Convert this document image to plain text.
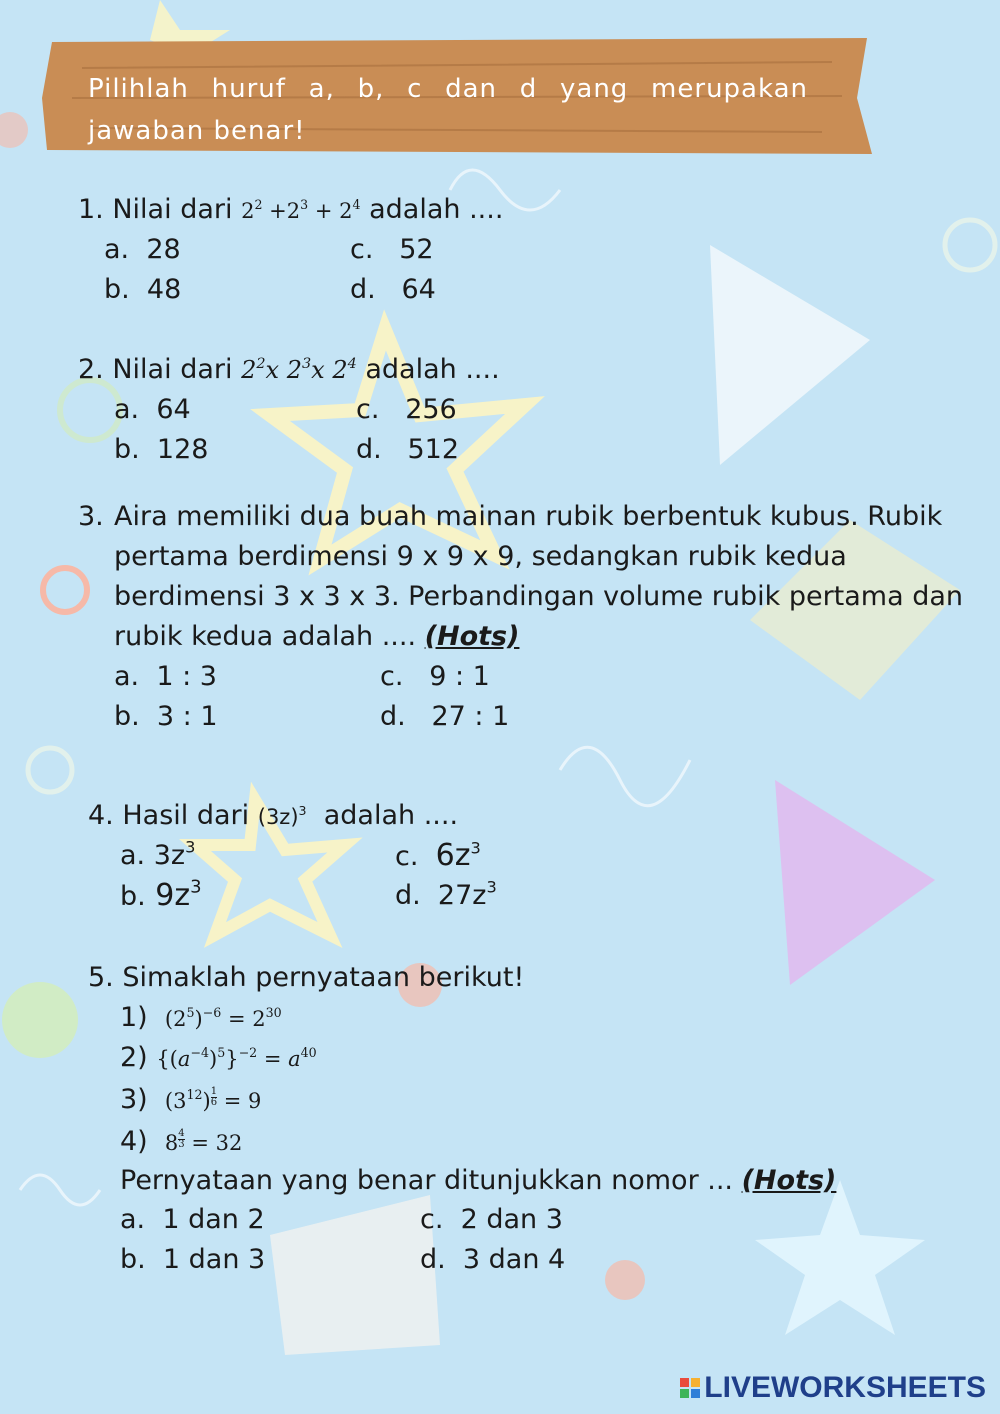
Pilihlah huruf a, b, c dan d yang merupakan jawaban benar!
1. Nilai dari $2^2 +2^3 + 2^4$ adalah ....
a. 28
b. 48
c. 52
d. 64
2. Nilai dari $2^2x$ $2^3x$ $2^4$ adalah ....
a. 64
b. 128
c. 256
d. 512
3. Aira memiliki dua buah mainan rubik berbentuk kubus. Rubik
pertama berdimensi 9 x 9 x 9, sedangkan rubik kedua
berdimensi 3 x 3 x 3. Perbandingan volume rubik pertama dan
rubik kedua adalah .... (Hots)
a. 1 : 3
b. 3 : 1
c. 9 : 1
d. 27 : 1
4. Hasil dari $(3z)^3$ adalah ....
a. $3z^3$
b. $9z^3$
c. $6z^3$
d. $27z^3$
5. Simaklah pernyataan berikut!
1) $(2^5)^{-6} = 2^{30}$
2) $\{(a^{-4})^5\}^{-2} = a^{40}$
3) $(3^{12}) \frac{1}{6} = 9$
4) $8 \frac{4}{3} = 32$
Pernyataan yang benar ditunjukkan nomor ... (Hots)
a. 1 dan 2
b. 1 dan 3
c. 2 dan 3
d. 3 dan 4
LIVEWORKSHEETS
